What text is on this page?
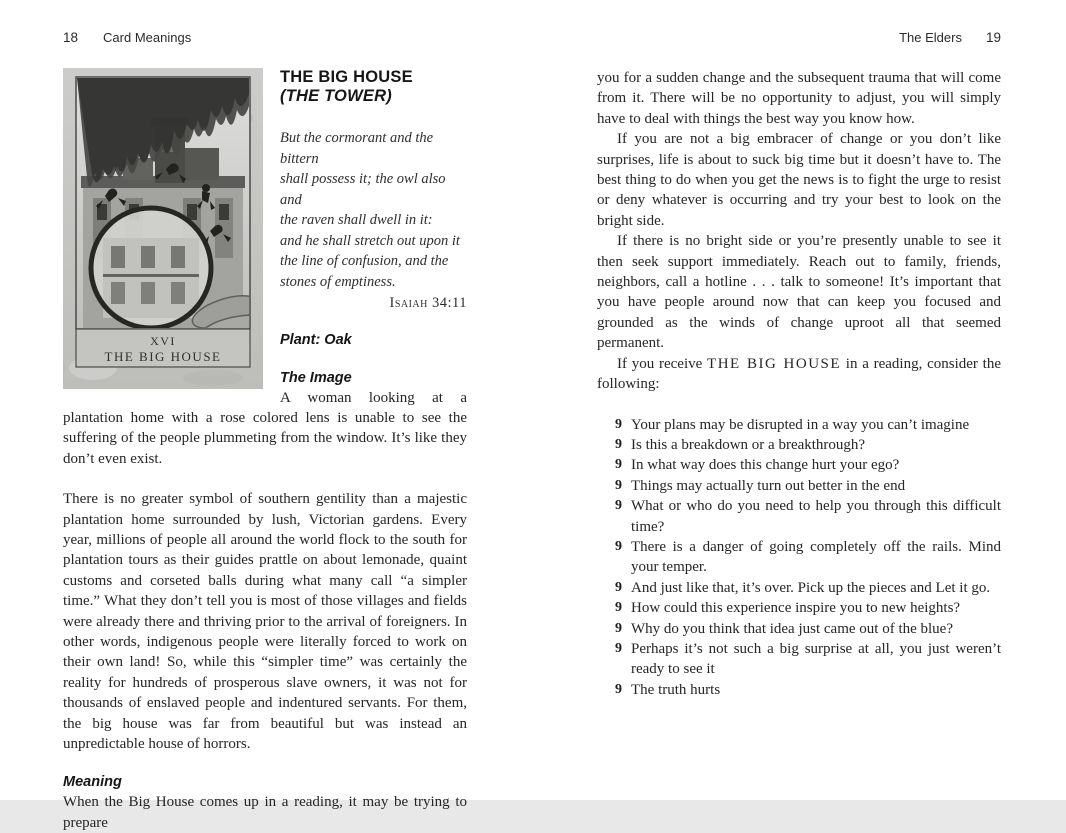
18 Card Meanings
XVI
THE BIG HOUSE
THE BIG HOUSE
(THE TOWER)
But the cormorant and the bittern
shall possess it; the owl also and
the raven shall dwell in it:
and he shall stretch out upon it
the line of confusion, and the
stones of emptiness.
Isaiah 34:11
Plant: Oak
The Image

A woman looking at a plantation home with a rose colored lens is unable to see the suffering of the people plummeting from the window. It’s like they don’t even exist.

There is no greater symbol of southern gentility than a majestic plantation home surrounded by lush, Victorian gardens. Every year, millions of people all around the world flock to the south for plantation tours as their guides prattle on about lemonade, quaint customs and corseted balls during what many call “a simpler time.” What they don’t tell you is most of those villages and fields were already there and thriving prior to the arrival of foreigners. In other words, indigenous people were literally forced to work on their own land! So, while this “simpler time” was certainly the reality for hundreds of prosperous slave owners, it was not for thousands of enslaved people and indentured servants. For them, the big house was far from beautiful but was instead an unpredictable house of horrors.

Meaning

When the Big House comes up in a reading, it may be trying to prepare

The Elders 19

you for a sudden change and the subsequent trauma that will come from it. There will be no opportunity to adjust, you will simply have to deal with things the best way you know how.

If you are not a big embracer of change or you don’t like surprises, life is about to suck big time but it doesn’t have to. The best thing to do when you get the news is to fight the urge to resist or deny whatever is occurring and try your best to look on the bright side.

If there is no bright side or you’re presently unable to see it then seek support immediately. Reach out to family, friends, neighbors, call a hotline . . . talk to someone! It’s important that you have people around now that can keep you focused and grounded as the winds of change uproot all that seemed permanent.

If you receive THE BIG HOUSE in a reading, consider the following:

9 Your plans may be disrupted in a way you can’t imagine
9 Is this a breakdown or a breakthrough?
9 In what way does this change hurt your ego?
9 Things may actually turn out better in the end
9 What or who do you need to help you through this difficult time?
9 There is a danger of going completely off the rails. Mind your temper.
9 And just like that, it’s over. Pick up the pieces and Let it go.
9 How could this experience inspire you to new heights?
9 Why do you think that idea just came out of the blue?
9 Perhaps it’s not such a big surprise at all, you just weren’t ready to see it
9 The truth hurts
